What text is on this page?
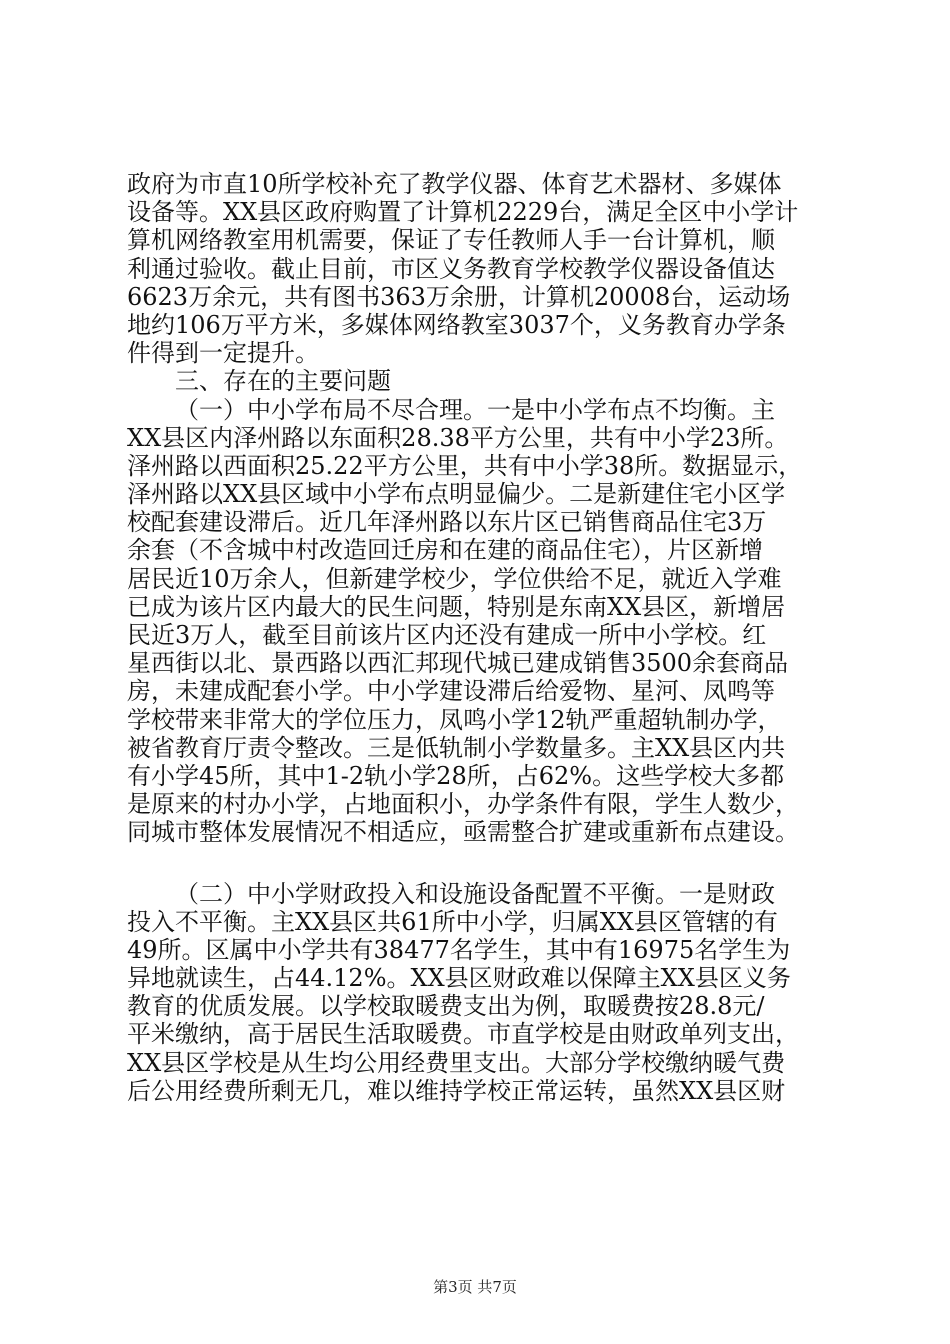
政府为市直10所学校补充了教学仪器、体育艺术器材、多媒体
设备等。XX县区政府购置了计算机2229台，满足全区中小学计
算机网络教室用机需要，保证了专任教师人手一台计算机，顺
利通过验收。截止目前，市区义务教育学校教学仪器设备值达
6623万余元，共有图书363万余册，计算机20008台，运动场
地约106万平方米，多媒体网络教室3037个，义务教育办学条
件得到一定提升。
三、存在的主要问题
（一）中小学布局不尽合理。一是中小学布点不均衡。主
XX县区内泽州路以东面积28.38平方公里，共有中小学23所。
泽州路以西面积25.22平方公里，共有中小学38所。数据显示，
泽州路以XX县区域中小学布点明显偏少。二是新建住宅小区学
校配套建设滞后。近几年泽州路以东片区已销售商品住宅3万
余套（不含城中村改造回迁房和在建的商品住宅），片区新增
居民近10万余人，但新建学校少，学位供给不足，就近入学难
已成为该片区内最大的民生问题，特别是东南XX县区，新增居
民近3万人，截至目前该片区内还没有建成一所中小学校。红
星西街以北、景西路以西汇邦现代城已建成销售3500余套商品
房，未建成配套小学。中小学建设滞后给爱物、星河、凤鸣等
学校带来非常大的学位压力，凤鸣小学12轨严重超轨制办学，
被省教育厅责令整改。三是低轨制小学数量多。主XX县区内共
有小学45所，其中1-2轨小学28所，占62%。这些学校大多都
是原来的村办小学，占地面积小，办学条件有限，学生人数少，
同城市整体发展情况不相适应，亟需整合扩建或重新布点建设。
（二）中小学财政投入和设施设备配置不平衡。一是财政
投入不平衡。主XX县区共61所中小学，归属XX县区管辖的有
49所。区属中小学共有38477名学生，其中有16975名学生为
异地就读生，占44.12%。XX县区财政难以保障主XX县区义务
教育的优质发展。以学校取暖费支出为例，取暖费按28.8元/
平米缴纳，高于居民生活取暖费。市直学校是由财政单列支出，
XX县区学校是从生均公用经费里支出。大部分学校缴纳暖气费
后公用经费所剩无几，难以维持学校正常运转，虽然XX县区财
第3页 共7页
